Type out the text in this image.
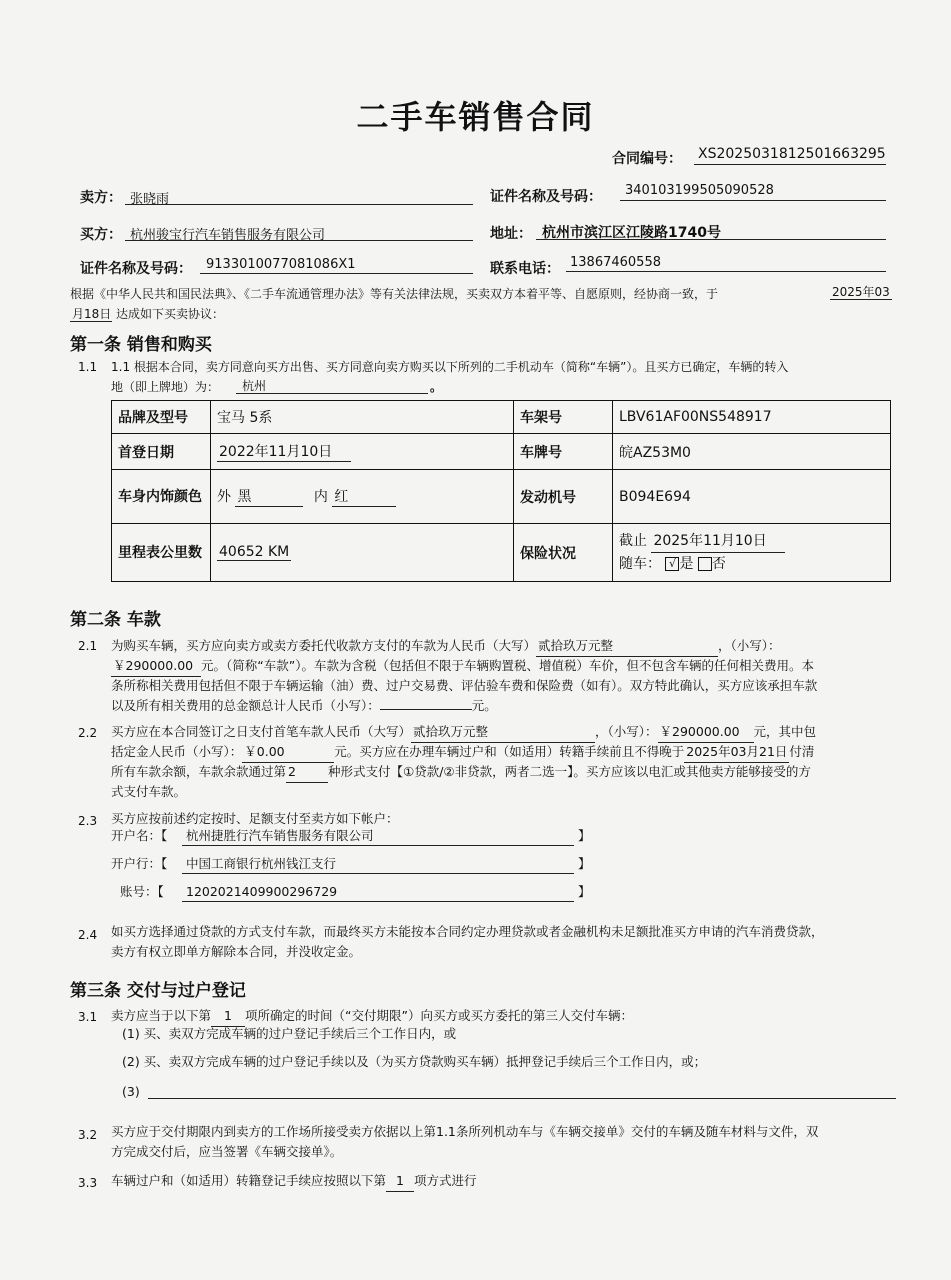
二手车销售合同
合同编号： XS2025031812501663295
卖方： 张晓雨	证件名称及号码： 340103199505090528
买方： 杭州骏宝行汽车销售服务有限公司	地址： 杭州市滨江区江陵路1740号
证件名称及号码： 913301007708108​6X1	联系电话： 13867460558
根据《中华人民共和国民法典》、《二手车流通管理办法》等有关法律法规，买卖双方本着平等、自愿原则，经协商一致，于	2025年03
月18日 达成如下买卖协议：
第一条 销售和购买
1.1 1.1 根据本合同，卖方同意向买方出售、买方同意向卖方购买以下所列的二手机动车（简称“车辆”）。且买方已确定，车辆的转入
地（即上牌地）为： 杭州	。
品牌及型号	宝马 5系	车架号	LBV61AF00NS548917
首登日期	2022年11月10日	车牌号	皖AZ53M0
车身内饰颜色	外 黑 内 红	发动机号	B094E694
里程表公里数	40652 KM	保险状况	截止 2025年11月10日
随车： √ 是 否
第二条 车款
2.1 为购买车辆，买方应向卖方或卖方委托代收款方支付的车款为人民币（大写） 贰拾玖万元整	，（小写）：
￥290000.00 元。（简称“车款”）。车款为含税（包括但不限于车辆购置税、增值税）车价，但不包含车辆的任何相关费用。本
条所称相关费用包括但不限于车辆运输（油）费、过户交易费、评估验车费和保险费（如有）。双方特此确认，买方应该承担车款
以及所有相关费用的总金额总计人民币（小写）：	元。
2.2 买方应在本合同签订之日支付首笔车款人民币（大写） 贰拾玖万元整	，（小写）： ￥290000.00 元，其中包
括定金人民币（小写）： ￥0.00	元。买方应在办理车辆过户和（如适用）转籍手续前且不得晚于 2025年03月21日 付清
所有车款余额，车款余款通过第 2	种形式支付【①贷款/②非贷款，两者二选一】。买方应该以电汇或其他卖方能够接受的方
式支付车款。
2.3 买方应按前述约定按时、足额支付至卖方如下帐户：
开户名：【 杭州捷胜行汽车销售服务有限公司	】
开户行：【 中国工商银行杭州钱江支行	】
账号：【 1202021409900296729	】
2.4 如买方选择通过贷款的方式支付车款，而最终买方未能按本合同约定办理贷款或者金融机构未足额批准买方申请的汽车消费贷款，
卖方有权立即单方解除本合同，并没收定金。
第三条 交付与过户登记
3.1 卖方应当于以下第 1 项所确定的时间（“交付期限”）向买方或买方委托的第三人交付车辆：
(1) 买、卖双方完成车辆的过户登记手续后三个工作日内，或
(2) 买、卖双方完成车辆的过户登记手续以及（为买方贷款购买车辆）抵押登记手续后三个工作日内，或；
(3)
3.2 买方应于交付期限内到卖方的工作场所接受卖方依据以上第1.1条所列机动车与《车辆交接单》交付的车辆及随车材料与文件，双
方完成交付后，应当签署《车辆交接单》。
3.3 车辆过户和（如适用）转籍登记手续应按照以下第 1 项方式进行
